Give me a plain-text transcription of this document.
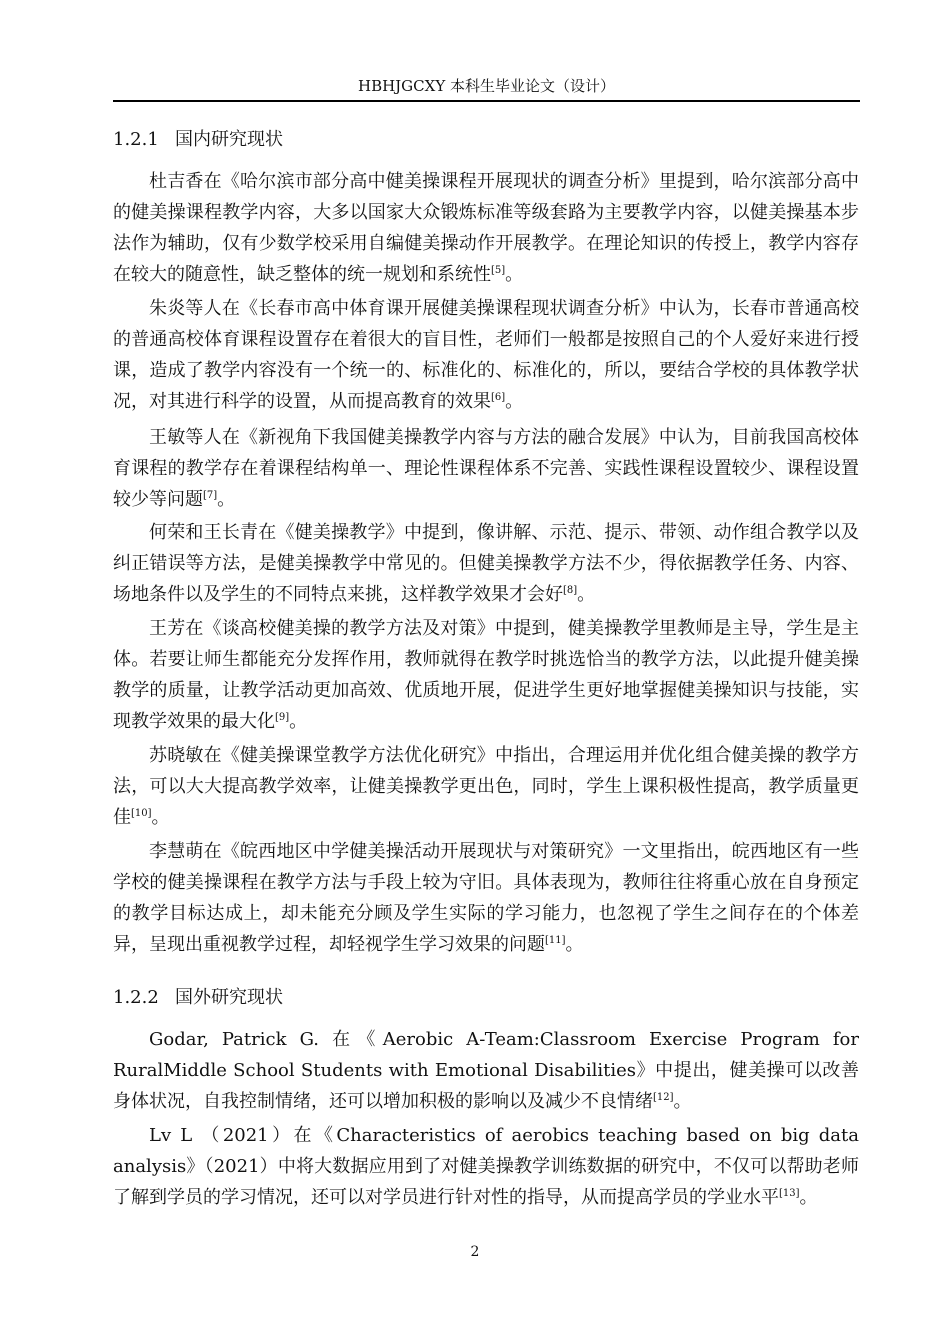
HBHJGCXY 本科生毕业论文（设计）
1.2.1 国内研究现状

杜吉香在《哈尔滨市部分高中健美操课程开展现状的调查分析》里提到，哈尔滨部分高中的健美操课程教学内容，大多以国家大众锻炼标准等级套路为主要教学内容，以健美操基本步法作为辅助，仅有少数学校采用自编健美操动作开展教学。在理论知识的传授上，教学内容存在较大的随意性，缺乏整体的统一规划和系统性[5]。

朱炎等人在《长春市高中体育课开展健美操课程现状调查分析》中认为，长春市普通高校的普通高校体育课程设置存在着很大的盲目性，老师们一般都是按照自己的个人爱好来进行授课，造成了教学内容没有一个统一的、标准化的、标准化的，所以，要结合学校的具体教学状况，对其进行科学的设置，从而提高教育的效果[6]。

王敏等人在《新视角下我国健美操教学内容与方法的融合发展》中认为，目前我国高校体育课程的教学存在着课程结构单一、理论性课程体系不完善、实践性课程设置较少、课程设置较少等问题[7]。

何荣和王长青在《健美操教学》中提到，像讲解、示范、提示、带领、动作组合教学以及纠正错误等方法，是健美操教学中常见的。但健美操教学方法不少，得依据教学任务、内容、场地条件以及学生的不同特点来挑，这样教学效果才会好[8]。

王芳在《谈高校健美操的教学方法及对策》中提到，健美操教学里教师是主导，学生是主体。若要让师生都能充分发挥作用，教师就得在教学时挑选恰当的教学方法，以此提升健美操教学的质量，让教学活动更加高效、优质地开展，促进学生更好地掌握健美操知识与技能，实现教学效果的最大化[9]。

苏晓敏在《健美操课堂教学方法优化研究》中指出，合理运用并优化组合健美操的教学方法，可以大大提高教学效率，让健美操教学更出色，同时，学生上课积极性提高，教学质量更佳[10]。

李慧萌在《皖西地区中学健美操活动开展现状与对策研究》一文里指出，皖西地区有一些学校的健美操课程在教学方法与手段上较为守旧。具体表现为，教师往往将重心放在自身预定的教学目标达成上，却未能充分顾及学生实际的学习能力，也忽视了学生之间存在的个体差异，呈现出重视教学过程，却轻视学生学习效果的问题[11]。

1.2.2 国外研究现状

Godar, Patrick G. 在《Aerobic A-Team:Classroom Exercise Program for RuralMiddle School Students with Emotional Disabilities》中提出，健美操可以改善身体状况，自我控制情绪，还可以增加积极的影响以及减少不良情绪[12]。

Lv L （2021）在《Characteristics of aerobics teaching based on big data analysis》（2021）中将大数据应用到了对健美操教学训练数据的研究中，不仅可以帮助老师了解到学员的学习情况，还可以对学员进行针对性的指导，从而提高学员的学业水平[13]。

2
